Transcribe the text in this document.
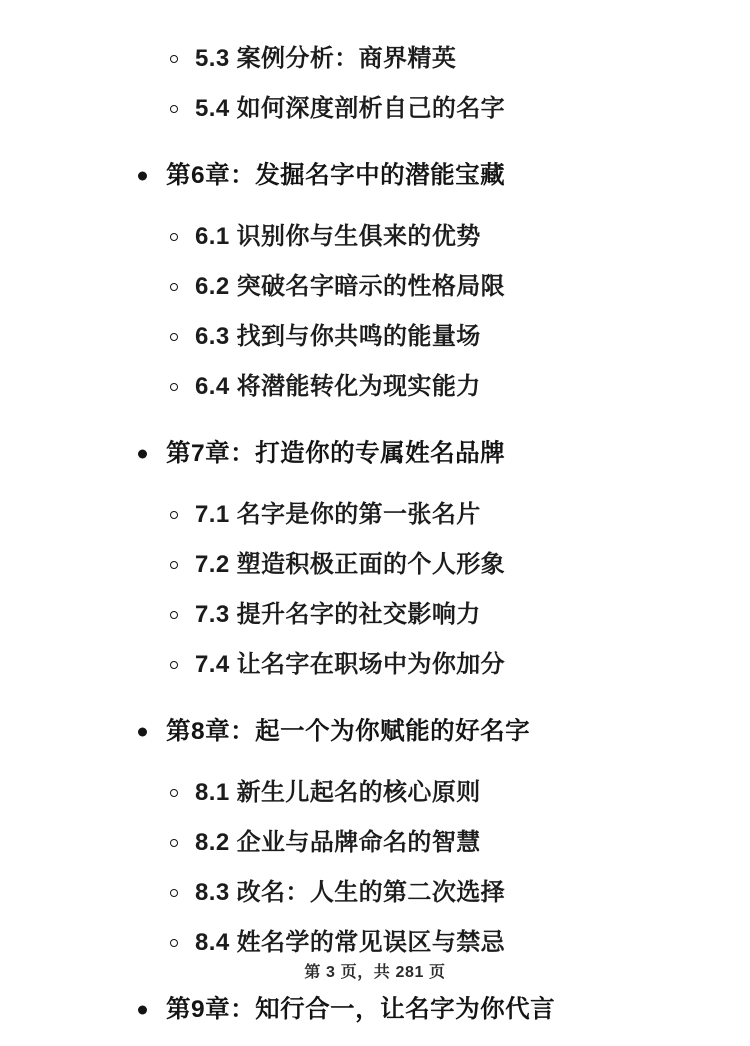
5.3 案例分析：商界精英
5.4 如何深度剖析自己的名字
第6章：发掘名字中的潜能宝藏
6.1 识别你与生俱来的优势
6.2 突破名字暗示的性格局限
6.3 找到与你共鸣的能量场
6.4 将潜能转化为现实能力
第7章：打造你的专属姓名品牌
7.1 名字是你的第一张名片
7.2 塑造积极正面的个人形象
7.3 提升名字的社交影响力
7.4 让名字在职场中为你加分
第8章：起一个为你赋能的好名字
8.1 新生儿起名的核心原则
8.2 企业与品牌命名的智慧
8.3 改名：人生的第二次选择
8.4 姓名学的常见误区与禁忌
第9章：知行合一，让名字为你代言
第 3 页，共 281 页
